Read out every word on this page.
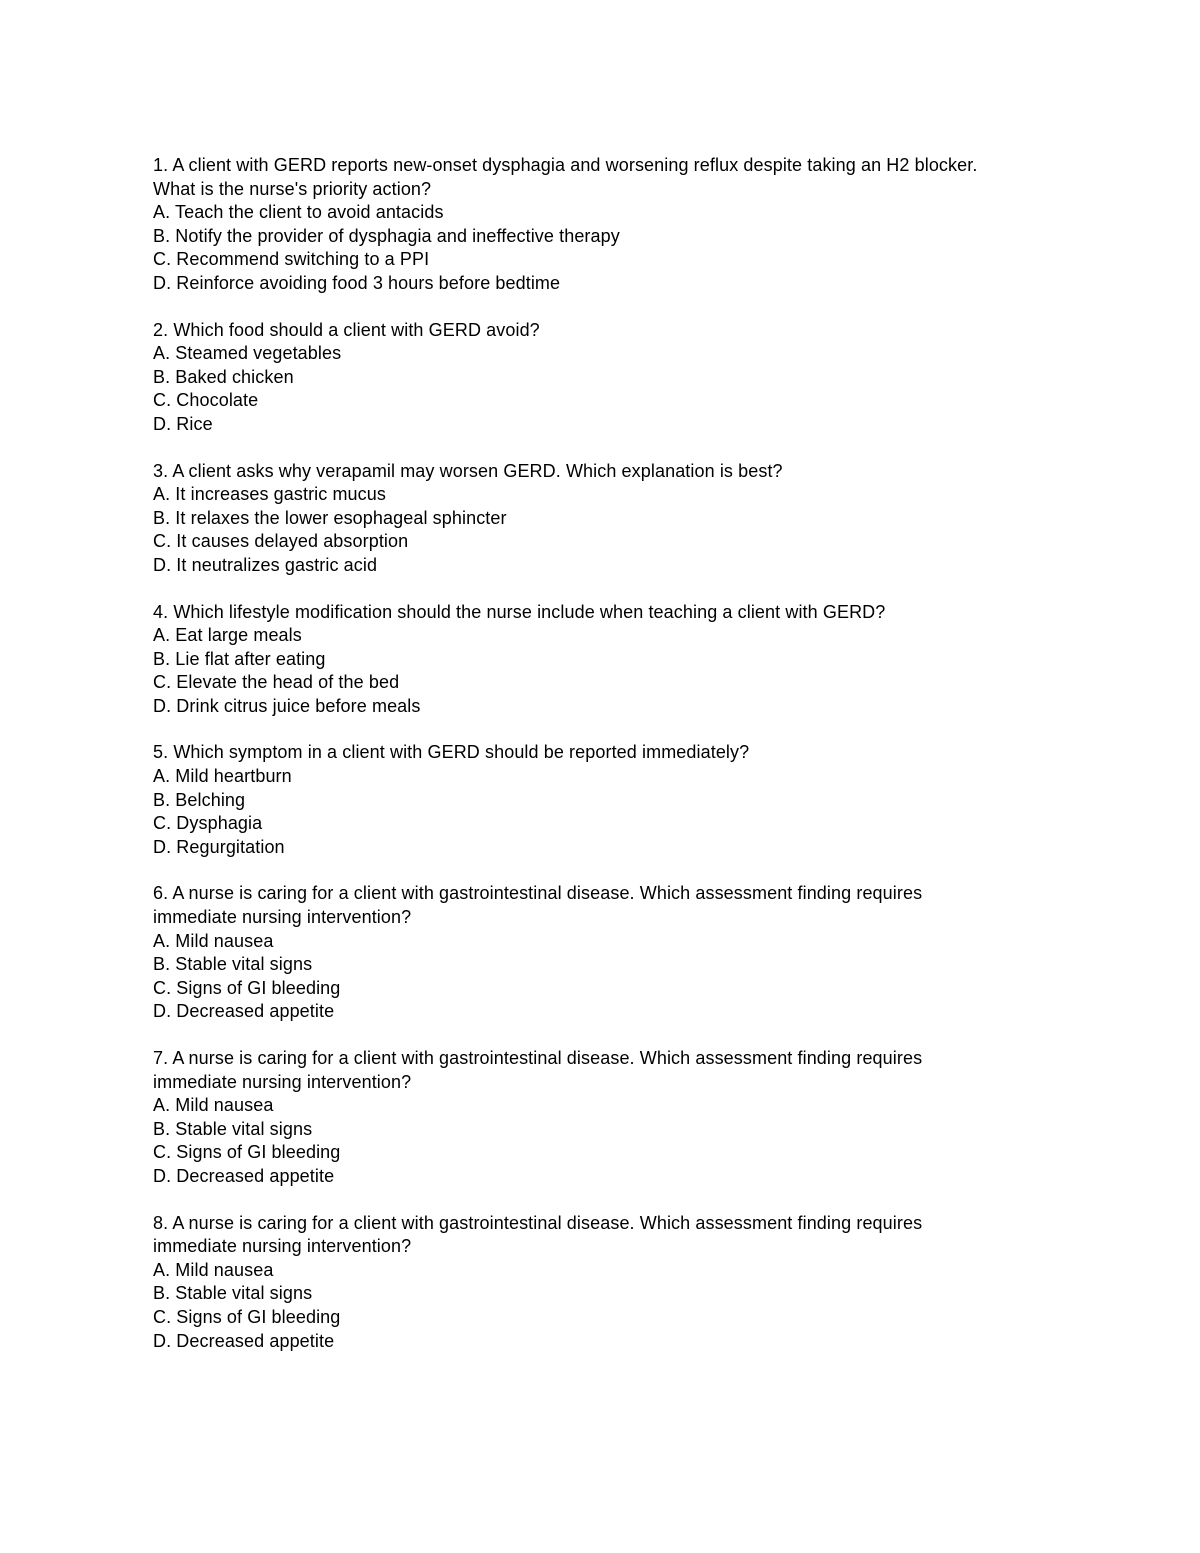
1. A client with GERD reports new-onset dysphagia and worsening reflux despite taking an H2 blocker.
What is the nurse's priority action?
A. Teach the client to avoid antacids
B. Notify the provider of dysphagia and ineffective therapy
C. Recommend switching to a PPI
D. Reinforce avoiding food 3 hours before bedtime
2. Which food should a client with GERD avoid?
A. Steamed vegetables
B. Baked chicken
C. Chocolate
D. Rice
3. A client asks why verapamil may worsen GERD. Which explanation is best?
A. It increases gastric mucus
B. It relaxes the lower esophageal sphincter
C. It causes delayed absorption
D. It neutralizes gastric acid
4. Which lifestyle modification should the nurse include when teaching a client with GERD?
A. Eat large meals
B. Lie flat after eating
C. Elevate the head of the bed
D. Drink citrus juice before meals
5. Which symptom in a client with GERD should be reported immediately?
A. Mild heartburn
B. Belching
C. Dysphagia
D. Regurgitation
6. A nurse is caring for a client with gastrointestinal disease. Which assessment finding requires
immediate nursing intervention?
A. Mild nausea
B. Stable vital signs
C. Signs of GI bleeding
D. Decreased appetite
7. A nurse is caring for a client with gastrointestinal disease. Which assessment finding requires
immediate nursing intervention?
A. Mild nausea
B. Stable vital signs
C. Signs of GI bleeding
D. Decreased appetite
8. A nurse is caring for a client with gastrointestinal disease. Which assessment finding requires
immediate nursing intervention?
A. Mild nausea
B. Stable vital signs
C. Signs of GI bleeding
D. Decreased appetite
